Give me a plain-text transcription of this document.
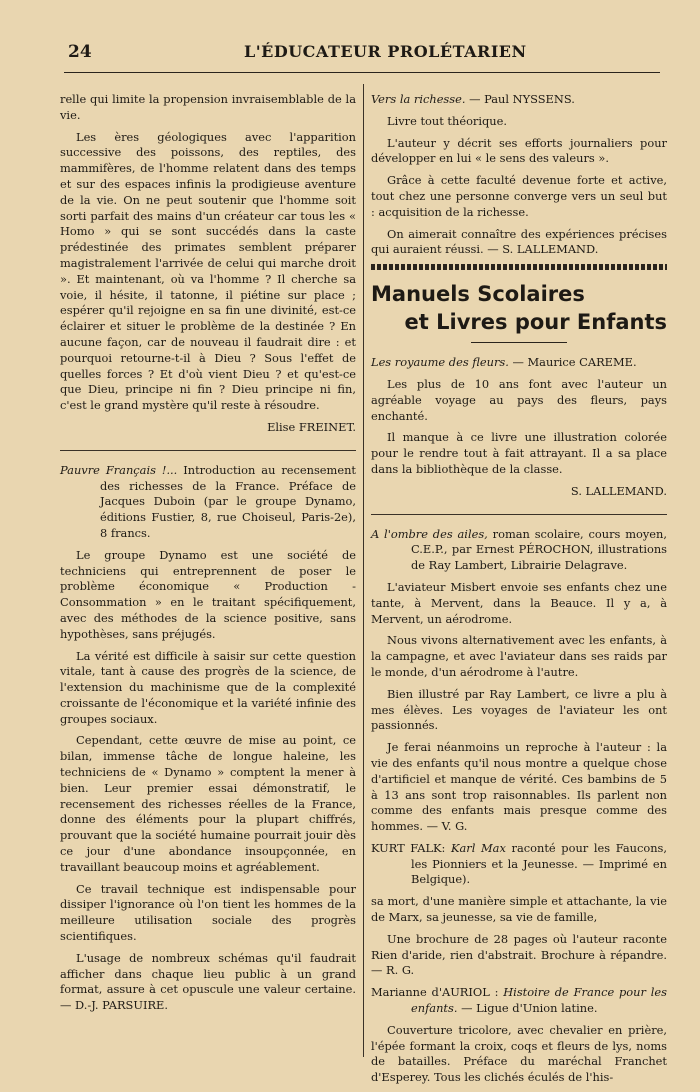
24	L'ÉDUCATEUR PROLÉTARIEN

relle qui limite la propension invraisemblable de la vie.

Les ères géologiques avec l'apparition successive des poissons, des reptiles, des mammifères, de l'homme relatent dans des temps et sur des espaces infinis la prodigieuse aventure de la vie. On ne peut soutenir que l'homme soit sorti parfait des mains d'un créateur car tous les « Homo » qui se sont succédés dans la caste prédestinée des primates semblent préparer magistralement l'arrivée de celui qui marche droit ». Et maintenant, où va l'homme ? Il cherche sa voie, il hésite, il tatonne, il piétine sur place ; espérer qu'il rejoigne en sa fin une divinité, est-ce éclairer et situer le problème de la destinée ? En aucune façon, car de nouveau il faudrait dire : et pourquoi retourne-t-il à Dieu ? Sous l'effet de quelles forces ? Et d'où vient Dieu ? et qu'est-ce que Dieu, principe ni fin ? Dieu principe ni fin, c'est le grand mystère qu'il reste à résoudre.

Elise FREINET.

Pauvre Français !... Introduction au recensement des richesses de la France. Préface de Jacques Duboin (par le groupe Dynamo, éditions Fustier, 8, rue Choiseul, Paris-2e), 8 francs.

Le groupe Dynamo est une société de techniciens qui entreprennent de poser le problème économique « Production - Consommation » en le traitant spécifiquement, avec des méthodes de la science positive, sans hypothèses, sans préjugés.

La vérité est difficile à saisir sur cette question vitale, tant à cause des progrès de la science, de l'extension du machinisme que de la complexité croissante de l'économique et la variété infinie des groupes sociaux.

Cependant, cette œuvre de mise au point, ce bilan, immense tâche de longue haleine, les techniciens de « Dynamo » comptent la mener à bien. Leur premier essai démonstratif, le recensement des richesses réelles de la France, donne des éléments pour la plupart chiffrés, prouvant que la société humaine pourrait jouir dès ce jour d'une abondance insoupçonnée, en travaillant beaucoup moins et agréablement.

Ce travail technique est indispensable pour dissiper l'ignorance où l'on tient les hommes de la meilleure utilisation sociale des progrès scientifiques.

L'usage de nombreux schémas qu'il faudrait afficher dans chaque lieu public à un grand format, assure à cet opuscule une valeur certaine. — D.-J. PARSUIRE.

Vers la richesse. — Paul NYSSENS.

Livre tout théorique.

L'auteur y décrit ses efforts journaliers pour développer en lui « le sens des valeurs ».

Grâce à cette faculté devenue forte et active, tout chez une personne converge vers un seul but : acquisition de la richesse.

On aimerait connaître des expériences précises qui auraient réussi. — S. LALLEMAND.

Manuels Scolaires
et Livres pour Enfants

Les royaume des fleurs. — Maurice CAREME.

Les plus de 10 ans font avec l'auteur un agréable voyage au pays des fleurs, pays enchanté.

Il manque à ce livre une illustration colorée pour le rendre tout à fait attrayant. Il a sa place dans la bibliothèque de la classe.

S. LALLEMAND.

A l'ombre des ailes, roman scolaire, cours moyen, C.E.P., par Ernest PÉROCHON, illustrations de Ray Lambert, Librairie Delagrave.

L'aviateur Misbert envoie ses enfants chez une tante, à Mervent, dans la Beauce. Il y a, à Mervent, un aérodrome.

Nous vivons alternativement avec les enfants, à la campagne, et avec l'aviateur dans ses raids par le monde, d'un aérodrome à l'autre.

Bien illustré par Ray Lambert, ce livre a plu à mes élèves. Les voyages de l'aviateur les ont passionnés.

Je ferai néanmoins un reproche à l'auteur : la vie des enfants qu'il nous montre a quelque chose d'artificiel et manque de vérité. Ces bambins de 5 à 13 ans sont trop raisonnables. Ils parlent non comme des enfants mais presque comme des hommes. — V. G.

KURT FALK: Karl Max raconté pour les Faucons, les Pionniers et la Jeunesse. — Imprimé en Belgique).

sa mort, d'une manière simple et attachante, la vie de Marx, sa jeunesse, sa vie de famille,

Une brochure de 28 pages où l'auteur raconte Rien d'aride, rien d'abstrait. Brochure à répandre. — R. G.

Marianne d'AURIOL : Histoire de France pour les enfants. — Ligue d'Union latine.

Couverture tricolore, avec chevalier en prière, l'épée formant la croix, coqs et fleurs de lys, noms de batailles. Préface du maréchal Franchet d'Esperey. Tous les clichés éculés de l'his-
